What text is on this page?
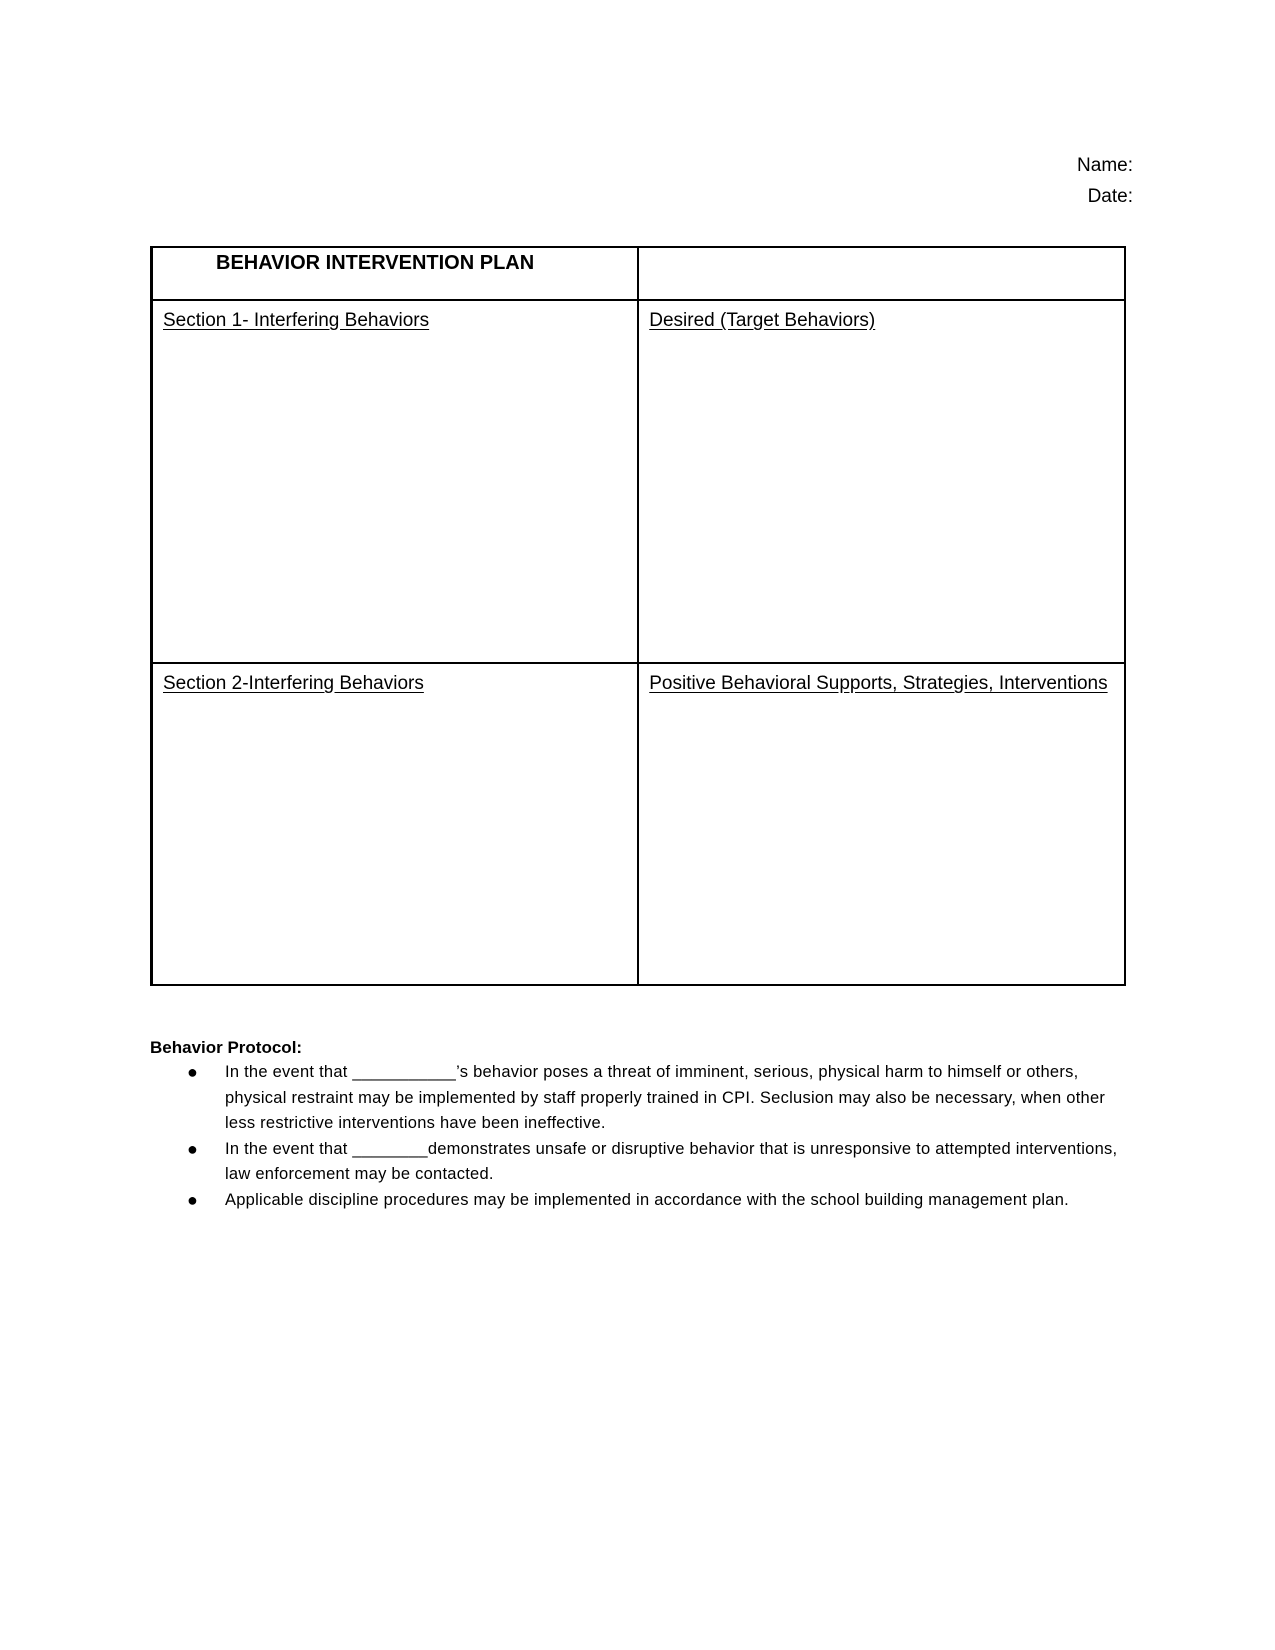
Name:
Date:
BEHAVIOR INTERVENTION PLAN	

Section 1- Interfering Behaviors	Desired (Target Behaviors)

Section 2-Interfering Behaviors	Positive Behavioral Supports, Strategies, Interventions

Behavior Protocol:

● In the event that ___________’s behavior poses a threat of imminent, serious, physical harm to himself or others, physical restraint may be implemented by staff properly trained in CPI. Seclusion may also be necessary, when other less restrictive interventions have been ineffective.
● In the event that ________demonstrates unsafe or disruptive behavior that is unresponsive to attempted interventions, law enforcement may be contacted.
● Applicable discipline procedures may be implemented in accordance with the school building management plan.
